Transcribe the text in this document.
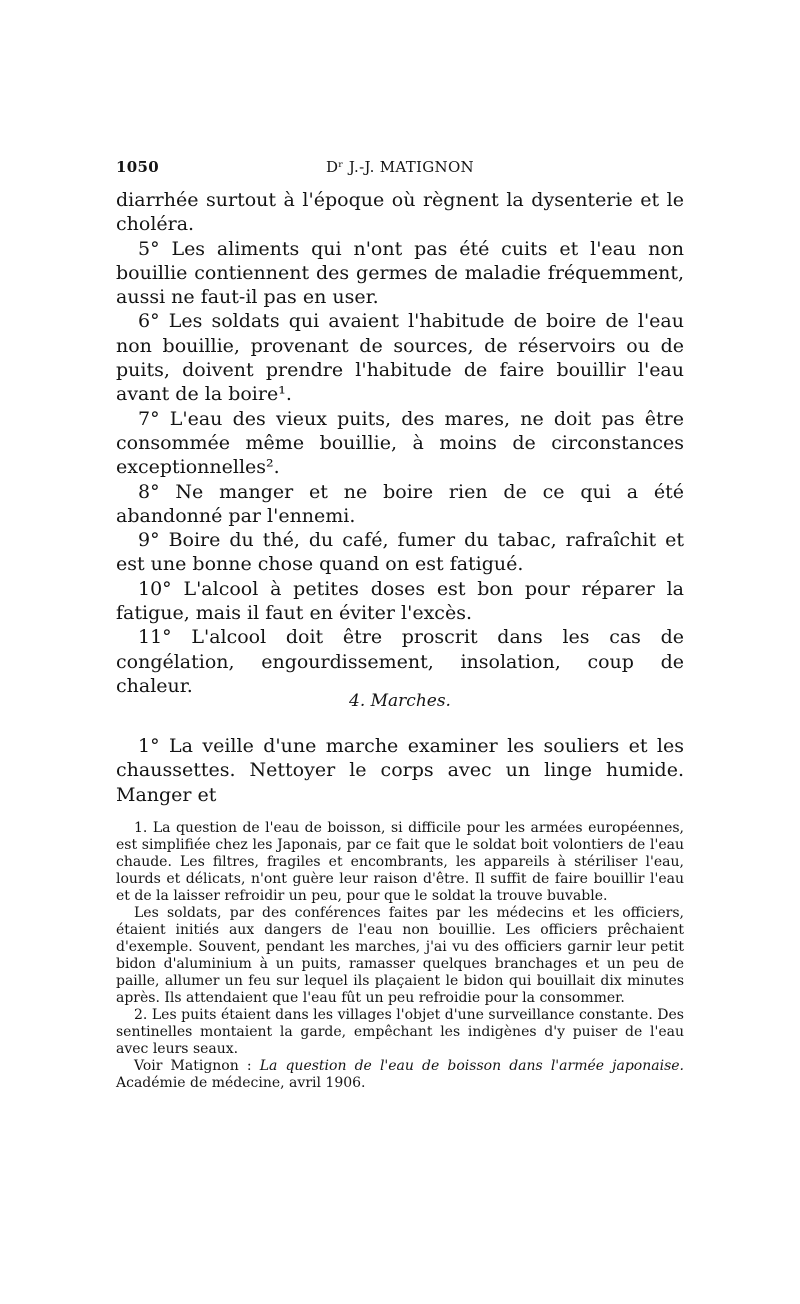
1050	Dʳ J.-J. MATIGNON

diarrhée surtout à l'époque où règnent la dysenterie et le choléra.

5° Les aliments qui n'ont pas été cuits et l'eau non bouillie contiennent des germes de maladie fréquemment, aussi ne faut-il pas en user.

6° Les soldats qui avaient l'habitude de boire de l'eau non bouillie, provenant de sources, de réservoirs ou de puits, doivent prendre l'habitude de faire bouillir l'eau avant de la boire¹.

7° L'eau des vieux puits, des mares, ne doit pas être consommée même bouillie, à moins de circonstances exceptionnelles².

8° Ne manger et ne boire rien de ce qui a été abandonné par l'ennemi.

9° Boire du thé, du café, fumer du tabac, rafraîchit et est une bonne chose quand on est fatigué.

10° L'alcool à petites doses est bon pour réparer la fatigue, mais il faut en éviter l'excès.

11° L'alcool doit être proscrit dans les cas de congélation, engourdissement, insolation, coup de chaleur.

4. Marches.

1° La veille d'une marche examiner les souliers et les chaussettes. Nettoyer le corps avec un linge humide. Manger et

1. La question de l'eau de boisson, si difficile pour les armées européennes, est simplifiée chez les Japonais, par ce fait que le soldat boit volontiers de l'eau chaude. Les filtres, fragiles et encombrants, les appareils à stériliser l'eau, lourds et délicats, n'ont guère leur raison d'être. Il suffit de faire bouillir l'eau et de la laisser refroidir un peu, pour que le soldat la trouve buvable.

Les soldats, par des conférences faites par les médecins et les officiers, étaient initiés aux dangers de l'eau non bouillie. Les officiers prêchaient d'exemple. Souvent, pendant les marches, j'ai vu des officiers garnir leur petit bidon d'aluminium à un puits, ramasser quelques branchages et un peu de paille, allumer un feu sur lequel ils plaçaient le bidon qui bouillait dix minutes après. Ils attendaient que l'eau fût un peu refroidie pour la consommer.

2. Les puits étaient dans les villages l'objet d'une surveillance constante. Des sentinelles montaient la garde, empêchant les indigènes d'y puiser de l'eau avec leurs seaux.

Voir Matignon : La question de l'eau de boisson dans l'armée japonaise. Académie de médecine, avril 1906.
